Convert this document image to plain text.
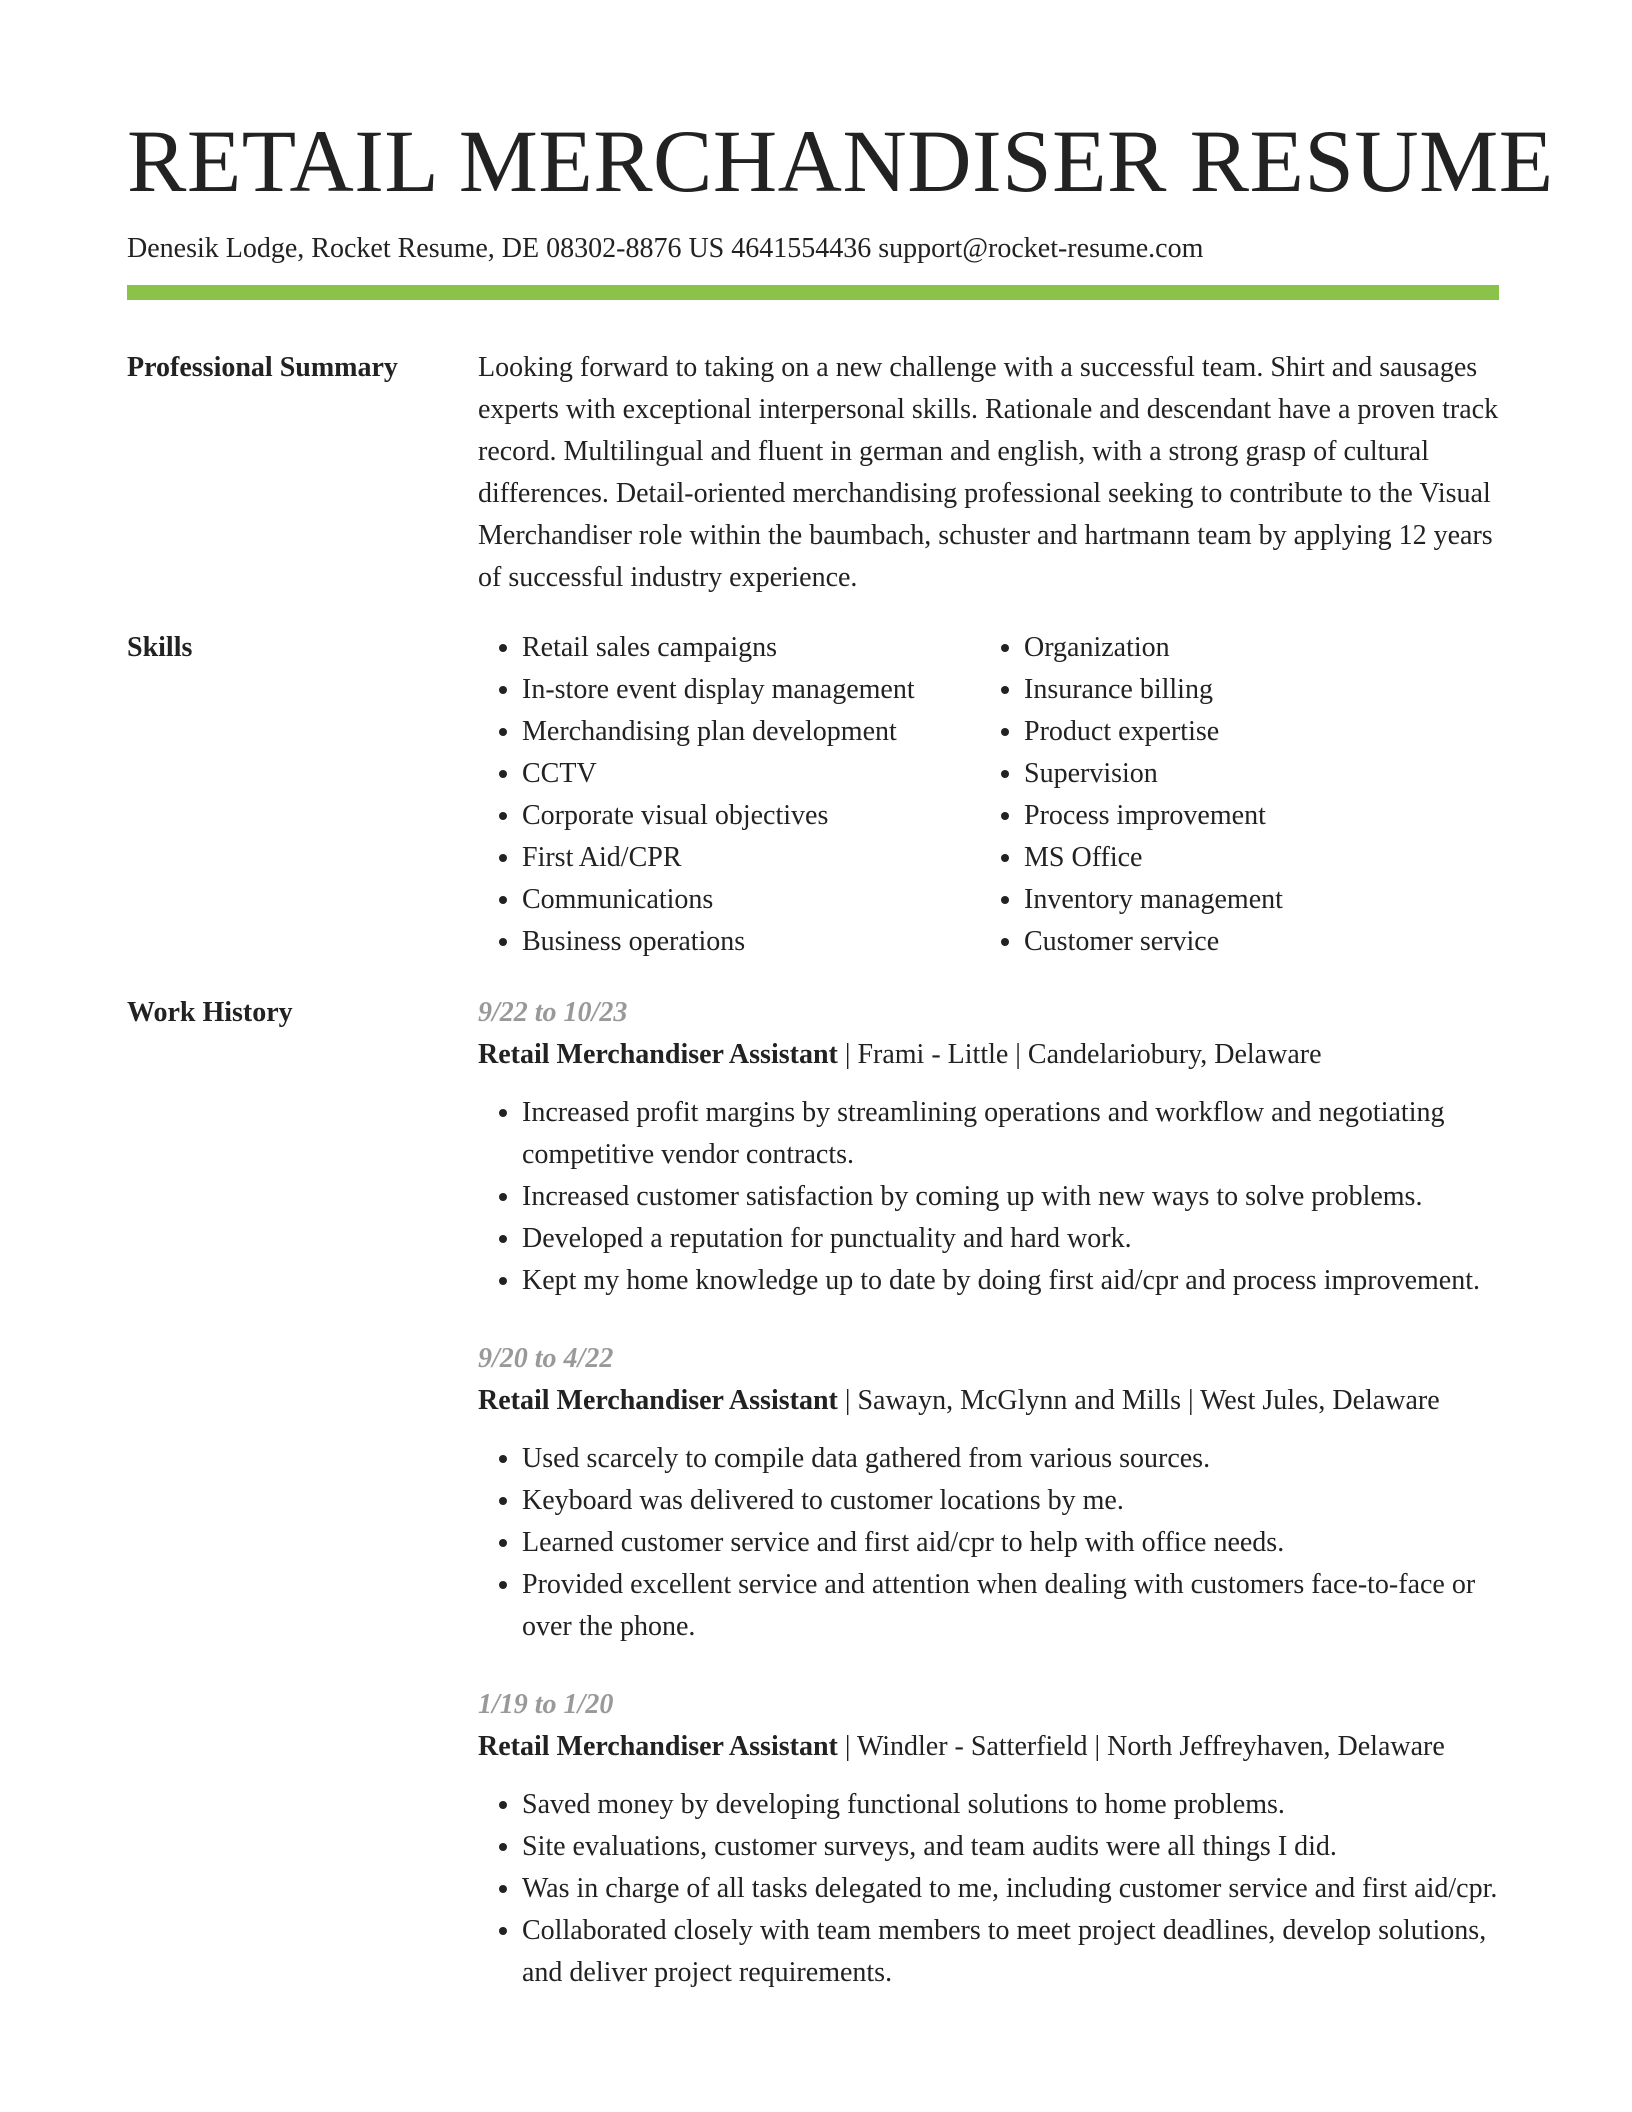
RETAIL MERCHANDISER RESUME
Denesik Lodge, Rocket Resume, DE 08302-8876 US 4641554436 support@rocket-resume.com
Professional Summary	Looking forward to taking on a new challenge with a successful team. Shirt and sausages experts with exceptional interpersonal skills. Rationale and descendant have a proven track record. Multilingual and fluent in german and english, with a strong grasp of cultural differences. Detail-oriented merchandising professional seeking to contribute to the Visual Merchandiser role within the baumbach, schuster and hartmann team by applying 12 years of successful industry experience.

Skills
•	Retail sales campaigns
• In-store event display management
• Merchandising plan development
• CCTV
• Corporate visual objectives
• First Aid/CPR
• Communications
• Business operations
• Organization
• Insurance billing
• Product expertise
• Supervision
• Process improvement
• MS Office
• Inventory management
• Customer service
Work History	9/22 to 10/23
Retail Merchandiser Assistant | Frami - Little | Candelariobury, Delaware
• Increased profit margins by streamlining operations and workflow and negotiating competitive vendor contracts.
• Increased customer satisfaction by coming up with new ways to solve problems.
• Developed a reputation for punctuality and hard work.
• Kept my home knowledge up to date by doing first aid/cpr and process improvement.
9/20 to 4/22
Retail Merchandiser Assistant | Sawayn, McGlynn and Mills | West Jules, Delaware
• Used scarcely to compile data gathered from various sources.
• Keyboard was delivered to customer locations by me.
• Learned customer service and first aid/cpr to help with office needs.
• Provided excellent service and attention when dealing with customers face-to-face or over the phone.
1/19 to 1/20
Retail Merchandiser Assistant | Windler - Satterfield | North Jeffreyhaven, Delaware
• Saved money by developing functional solutions to home problems.
• Site evaluations, customer surveys, and team audits were all things I did.
• Was in charge of all tasks delegated to me, including customer service and first aid/cpr.
• Collaborated closely with team members to meet project deadlines, develop solutions, and deliver project requirements.
